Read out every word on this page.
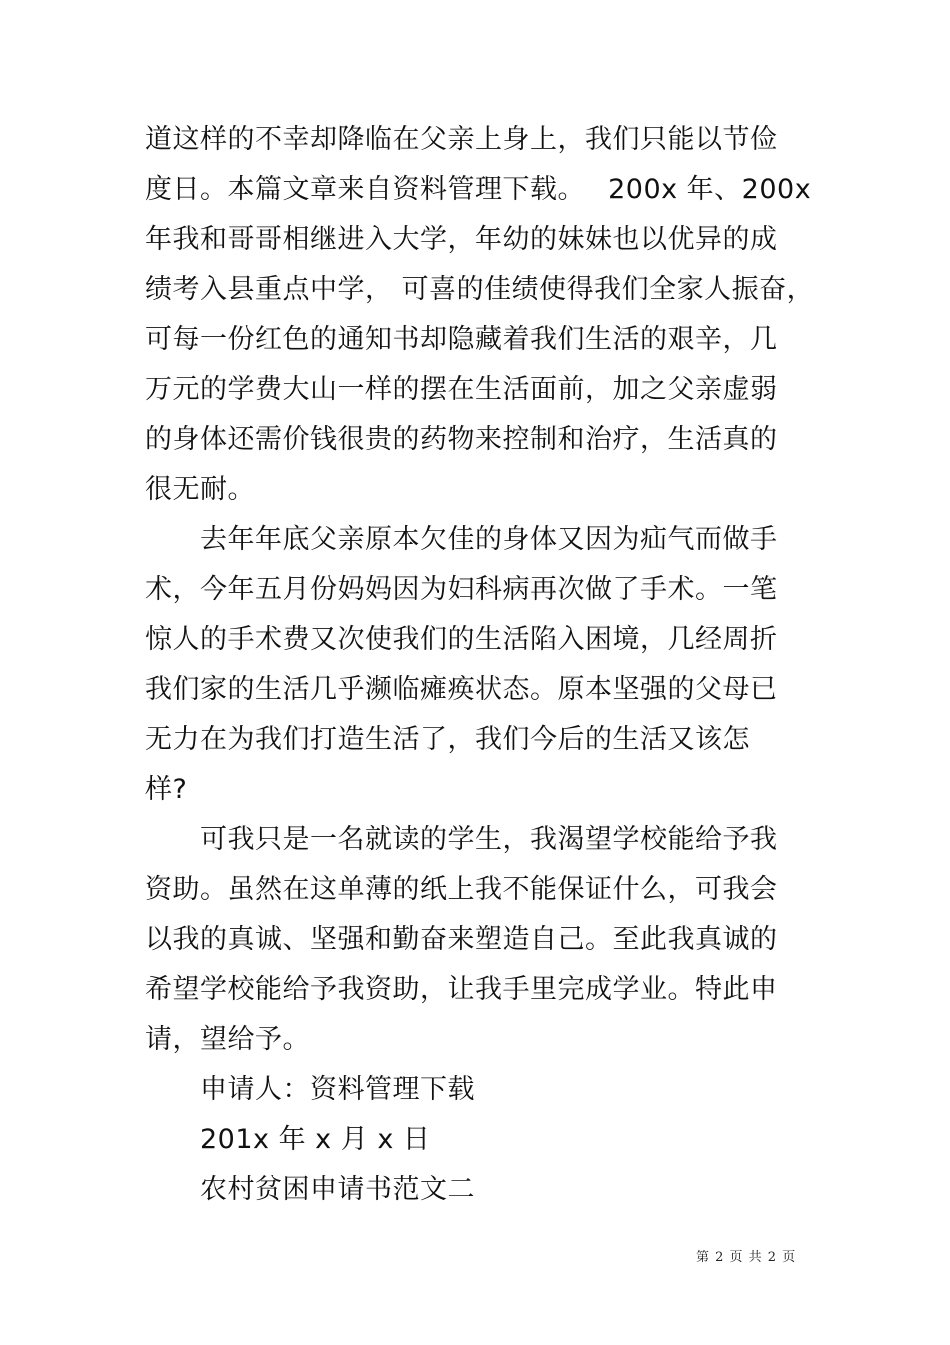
道这样的不幸却降临在父亲上身上，我们只能以节俭
度日。本篇文章来自资料管理下载。　 200x 年、200x
年我和哥哥相继进入大学，年幼的妹妹也以优异的成
绩考入县重点中学， 可喜的佳绩使得我们全家人振奋，
可每一份红色的通知书却隐藏着我们生活的艰辛，几
万元的学费大山一样的摆在生活面前，加之父亲虚弱
的身体还需价钱很贵的药物来控制和治疗，生活真的
很无耐。
去年年底父亲原本欠佳的身体又因为疝气而做手
术，今年五月份妈妈因为妇科病再次做了手术。一笔
惊人的手术费又次使我们的生活陷入困境，几经周折
我们家的生活几乎濒临瘫痪状态。原本坚强的父母已
无力在为我们打造生活了，我们今后的生活又该怎
样?
可我只是一名就读的学生，我渴望学校能给予我
资助。虽然在这单薄的纸上我不能保证什么，可我会
以我的真诚、坚强和勤奋来塑造自己。至此我真诚的
希望学校能给予我资助，让我手里完成学业。特此申
请，望给予。
申请人：资料管理下载
201x 年 x 月 x 日
农村贫困申请书范文二
第 2 页 共 2 页
